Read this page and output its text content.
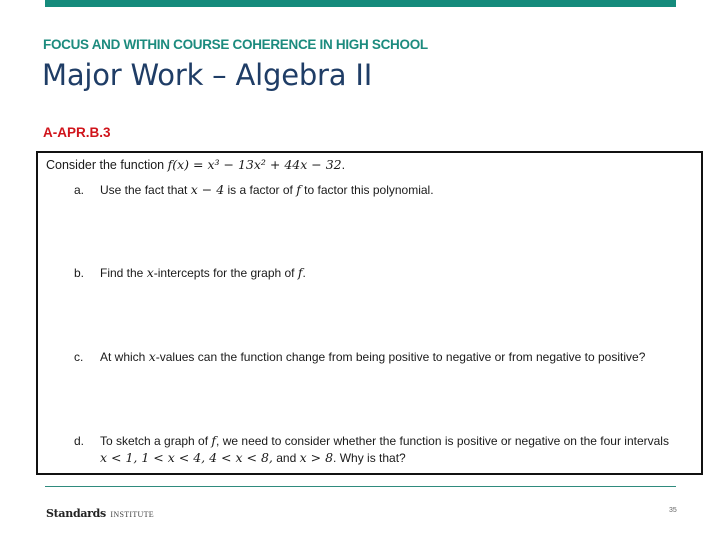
FOCUS AND WITHIN COURSE COHERENCE IN HIGH SCHOOL
Major Work – Algebra II
A-APR.B.3
Consider the function f(x) = x³ − 13x² + 44x − 32.
a. Use the fact that x − 4 is a factor of f to factor this polynomial.
b. Find the x-intercepts for the graph of f.
c. At which x-values can the function change from being positive to negative or from negative to positive?
d. To sketch a graph of f, we need to consider whether the function is positive or negative on the four intervals
x < 1, 1 < x < 4, 4 < x < 8, and x > 8. Why is that?
Standards INSTITUTE	35
